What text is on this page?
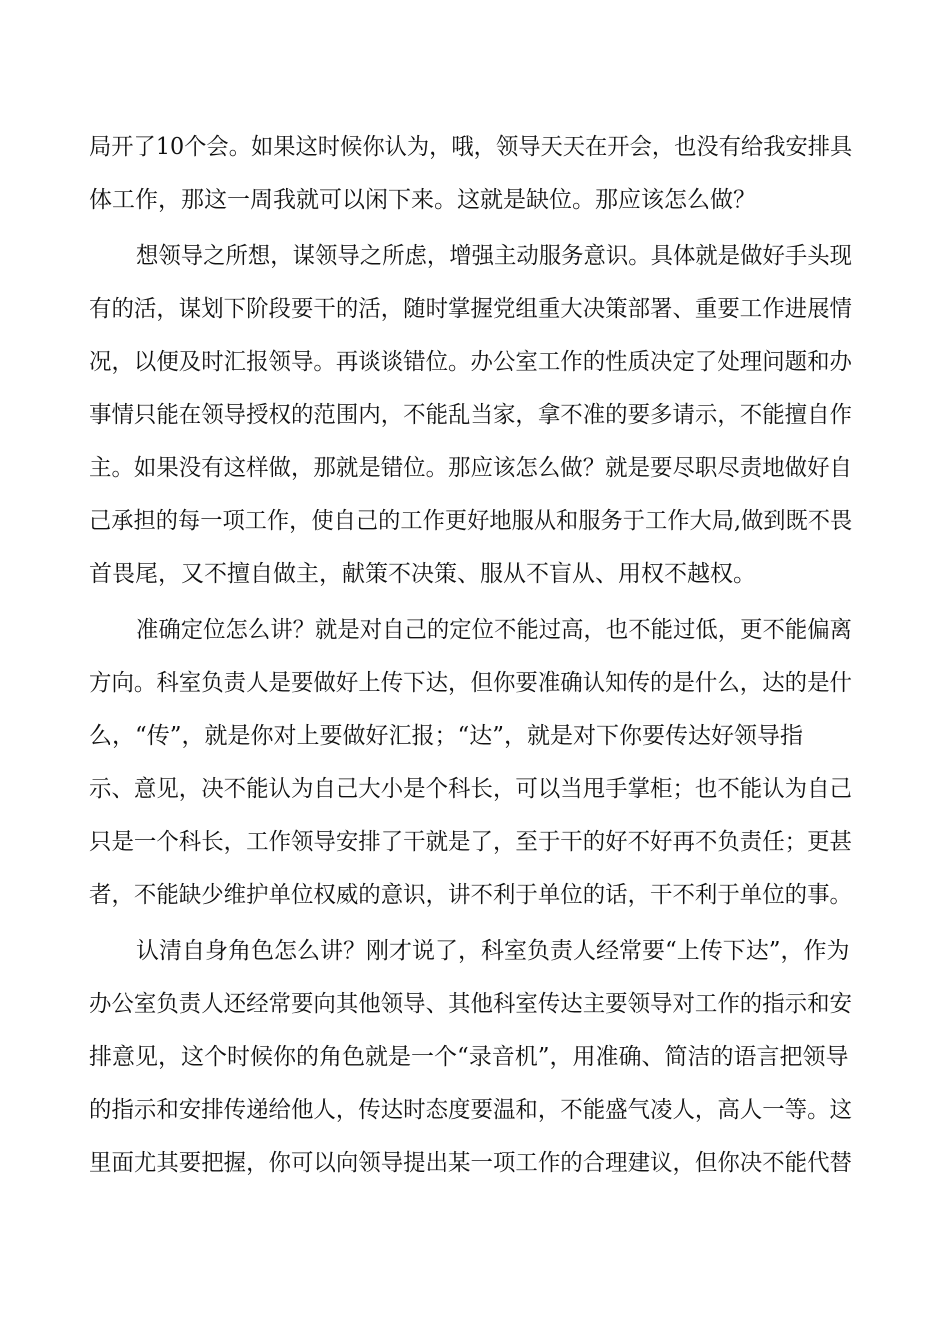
局开了10个会。如果这时候你认为，哦，领导天天在开会，也没有给我安排具
体工作，那这一周我就可以闲下来。这就是缺位。那应该怎么做？
想领导之所想，谋领导之所虑，增强主动服务意识。具体就是做好手头现
有的活，谋划下阶段要干的活，随时掌握党组重大决策部署、重要工作进展情
况，以便及时汇报领导。再谈谈错位。办公室工作的性质决定了处理问题和办
事情只能在领导授权的范围内，不能乱当家，拿不准的要多请示，不能擅自作
主。如果没有这样做，那就是错位。那应该怎么做？就是要尽职尽责地做好自
己承担的每一项工作，使自己的工作更好地服从和服务于工作大局,做到既不畏
首畏尾，又不擅自做主，献策不决策、服从不盲从、用权不越权。
准确定位怎么讲？就是对自己的定位不能过高，也不能过低，更不能偏离
方向。科室负责人是要做好上传下达，但你要准确认知传的是什么，达的是什
么，“传”，就是你对上要做好汇报；“达”，就是对下你要传达好领导指
示、意见，决不能认为自己大小是个科长，可以当甩手掌柜；也不能认为自己
只是一个科长，工作领导安排了干就是了，至于干的好不好再不负责任；更甚
者，不能缺少维护单位权威的意识，讲不利于单位的话，干不利于单位的事。
认清自身角色怎么讲？刚才说了，科室负责人经常要“上传下达”，作为
办公室负责人还经常要向其他领导、其他科室传达主要领导对工作的指示和安
排意见，这个时候你的角色就是一个“录音机”，用准确、简洁的语言把领导
的指示和安排传递给他人，传达时态度要温和，不能盛气凌人，高人一等。这
里面尤其要把握，你可以向领导提出某一项工作的合理建议，但你决不能代替
